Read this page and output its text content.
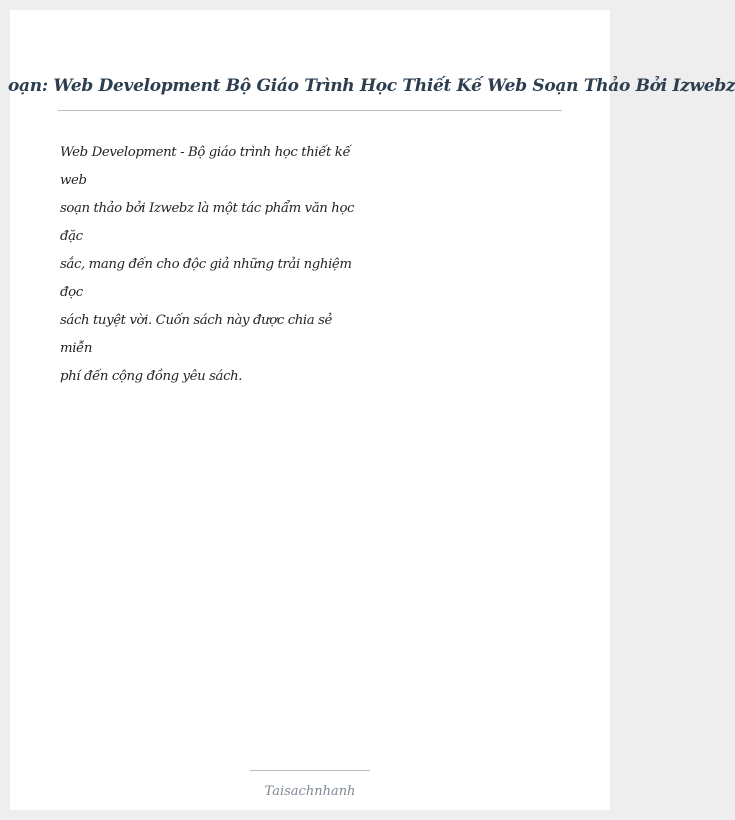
oạn: Web Development Bộ Giáo Trình Học Thiết Kế Web Soạn Thảo Bởi Izwebz
Web Development - Bộ giáo trình học thiết kế
web
soạn thảo bởi Izwebz là một tác phẩm văn học
đặc
sắc, mang đến cho độc giả những trải nghiệm
đọc
sách tuyệt vời. Cuốn sách này được chia sẻ
miễn
phí đến cộng đồng yêu sách.
Taisachnhanh
